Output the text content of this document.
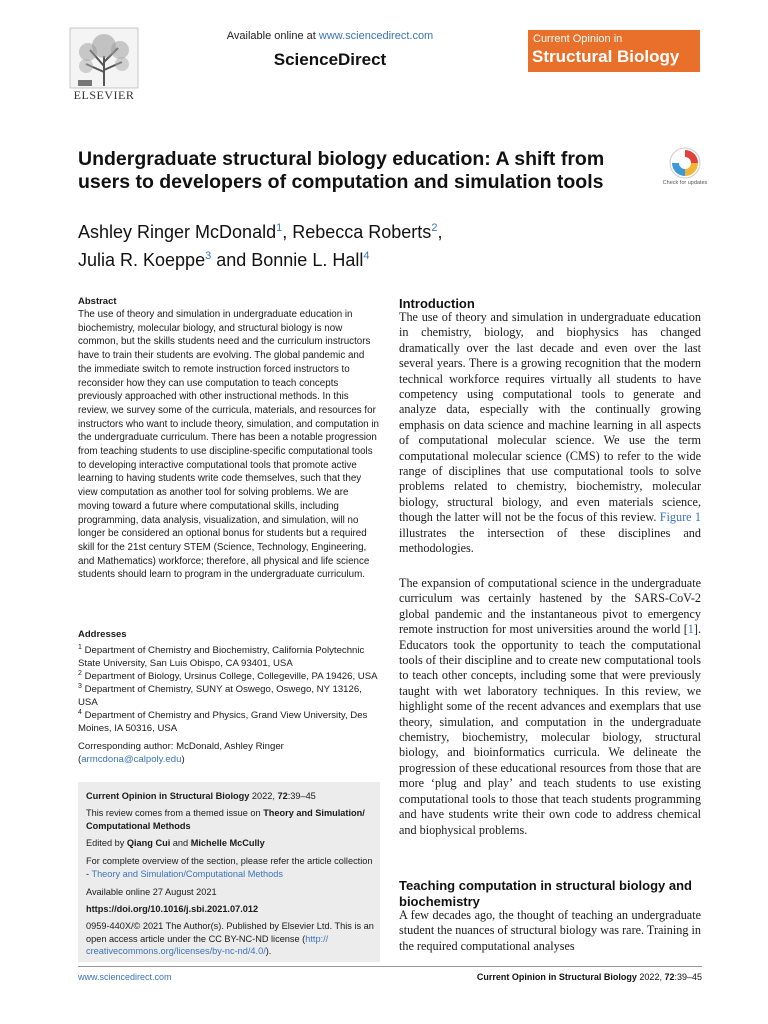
ELSEVIER
Available online at www.sciencedirect.com
ScienceDirect
Current Opinion in
Structural Biology
Undergraduate structural biology education: A shift from users to developers of computation and simulation tools
Ashley Ringer McDonald$^1$, Rebecca Roberts$^2$,
Julia R. Koeppe$^3$ and Bonnie L. Hall$^4$
Check for updates
Abstract
The use of theory and simulation in undergraduate education in biochemistry, molecular biology, and structural biology is now common, but the skills students need and the curriculum instructors have to train their students are evolving. The global pandemic and the immediate switch to remote instruction forced instructors to reconsider how they can use computation to teach concepts previously approached with other instructional methods. In this review, we survey some of the curricula, materials, and resources for instructors who want to include theory, simulation, and computation in the undergraduate curriculum. There has been a notable progression from teaching students to use discipline-specific computational tools to developing interactive computational tools that promote active learning to having students write code themselves, such that they view computation as another tool for solving problems. We are moving toward a future where computational skills, including programming, data analysis, visualization, and simulation, will no longer be considered an optional bonus for students but a required skill for the 21st century STEM (Science, Technology, Engineering, and Mathematics) workforce; therefore, all physical and life science students should learn to program in the undergraduate curriculum.
Addresses
$^1$ Department of Chemistry and Biochemistry, California Polytechnic State University, San Luis Obispo, CA 93401, USA
$^2$ Department of Biology, Ursinus College, Collegeville, PA 19426, USA
$^3$ Department of Chemistry, SUNY at Oswego, Oswego, NY 13126, USA
$^4$ Department of Chemistry and Physics, Grand View University, Des Moines, IA 50316, USA
Corresponding author: McDonald, Ashley Ringer (armcdona@calpoly.edu)
Current Opinion in Structural Biology 2022, 72:39–45
This review comes from a themed issue on Theory and Simulation/ Computational Methods
Edited by Qiang Cui and Michelle McCully
For complete overview of the section, please refer the article collection - Theory and Simulation/Computational Methods
Available online 27 August 2021
https://doi.org/10.1016/j.sbi.2021.07.012
0959-440X/© 2021 The Author(s). Published by Elsevier Ltd. This is an open access article under the CC BY-NC-ND license (http:// creativecommons.org/licenses/by-nc-nd/4.0/).
Introduction
The use of theory and simulation in undergraduate education in chemistry, biology, and biophysics has changed dramatically over the last decade and even over the last several years. There is a growing recognition that the modern technical workforce requires virtually all students to have competency using computational tools to generate and analyze data, especially with the continually growing emphasis on data science and machine learning in all aspects of computational molecular science. We use the term computational molecular science (CMS) to refer to the wide range of disciplines that use computational tools to solve problems related to chemistry, biochemistry, molecular biology, structural biology, and even materials science, though the latter will not be the focus of this review. Figure 1 illustrates the intersection of these disciplines and methodologies.
The expansion of computational science in the undergraduate curriculum was certainly hastened by the SARS-CoV-2 global pandemic and the instantaneous pivot to emergency remote instruction for most universities around the world [1]. Educators took the opportunity to teach the computational tools of their discipline and to create new computational tools to teach other concepts, including some that were previously taught with wet laboratory techniques. In this review, we highlight some of the recent advances and exemplars that use theory, simulation, and computation in the undergraduate chemistry, biochemistry, molecular biology, structural biology, and bioinformatics curricula. We delineate the progression of these educational resources from those that are more ‘plug and play’ and teach students to use existing computational tools to those that teach students programming and have students write their own code to address chemical and biophysical problems.
Teaching computation in structural biology and biochemistry
A few decades ago, the thought of teaching an undergraduate student the nuances of structural biology was rare. Training in the required computational analyses
www.sciencedirect.com	Current Opinion in Structural Biology 2022, 72:39–45
